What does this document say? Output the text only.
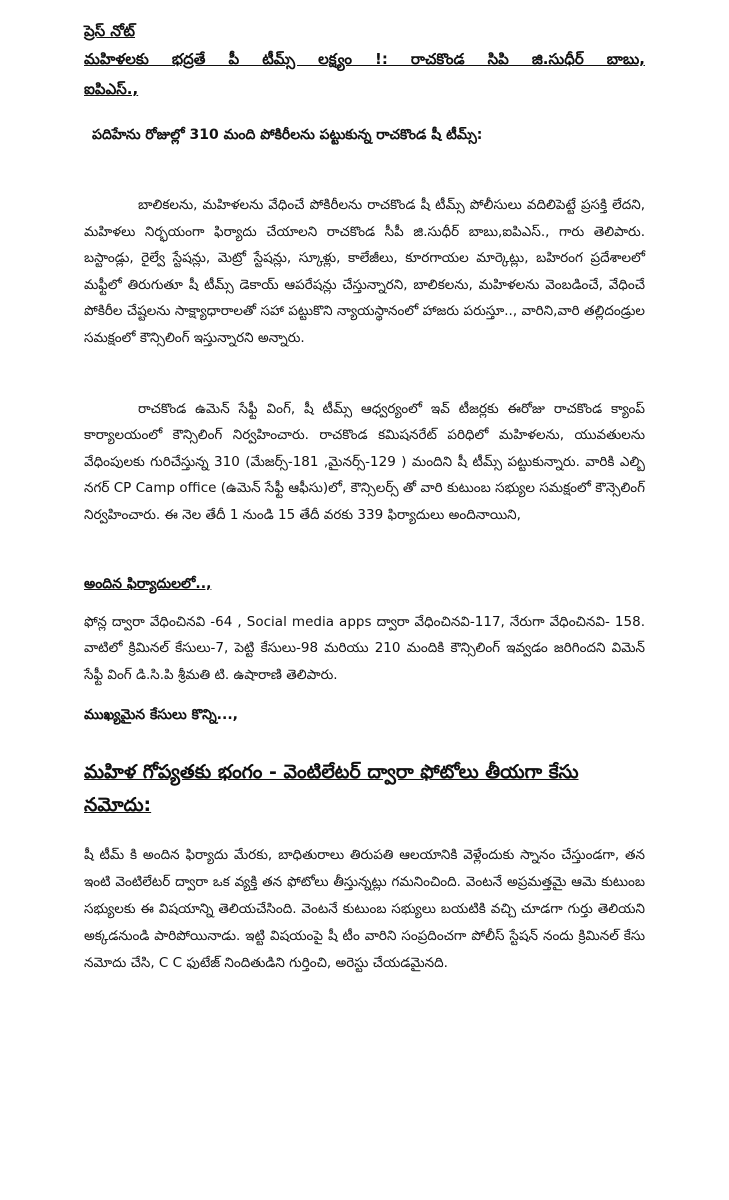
ప్రెస్ నోట్

మహిళలకు భద్రతే పీ టీమ్స్ లక్ష్యం !: రాచకొండ సిపి జి.సుధీర్ బాబు,

ఐపిఎస్.,

పదిహేను రోజుల్లో 310 మంది పోకిరీలను పట్టుకున్న రాచకొండ షీ టీమ్స్:

బాలికలను, మహిళలను వేధించే పోకిరీలను రాచకొండ షీ టీమ్స్ పోలీసులు వదిలిపెట్టే ప్రసక్తి లేదని, మహిళలు నిర్భయంగా ఫిర్యాదు చేయాలని రాచకొండ సీపీ జి.సుధీర్ బాబు,ఐపిఎస్., గారు తెలిపారు. బస్టాండ్లు, రైల్వే స్టేషన్లు, మెట్రో స్టేషన్లు, స్కూళ్లు, కాలేజీలు, కూరగాయల మార్కెట్లు, బహిరంగ ప్రదేశాలలో మఫ్టీలో తిరుగుతూ షీ టీమ్స్ డెకాయ్ ఆపరేషన్లు చేస్తున్నారని, బాలికలను, మహిళలను వెంబడించే, వేధించే పోకిరీల చేష్టలను సాక్ష్యాధారాలతో సహా పట్టుకొని న్యాయస్థానంలో హాజరు పరుస్తూ.., వారిని,వారి తల్లిదండ్రుల సమక్షంలో కౌన్సిలింగ్ ఇస్తున్నారని అన్నారు.

రాచకొండ ఉమెన్ సేఫ్టీ వింగ్, షీ టీమ్స్ ఆధ్వర్యంలో ఇవ్ టీజర్లకు ఈరోజు రాచకొండ క్యాంప్ కార్యాలయంలో కౌన్సిలింగ్ నిర్వహించారు. రాచకొండ కమిషనరేట్ పరిధిలో మహిళలను, యువతులను వేధింపులకు గురిచేస్తున్న 310 (మేజర్స్-181 ,మైనర్స్-129 ) మందిని షీ టీమ్స్ పట్టుకున్నారు. వారికి ఎల్బి నగర్ CP Camp office (ఉమెన్ సేఫ్టీ ఆఫీసు)లో, కౌన్సిలర్స్ తో వారి కుటుంబ సభ్యుల సమక్షంలో కౌన్సెలింగ్ నిర్వహించారు. ఈ నెల తేదీ 1 నుండి 15 తేదీ వరకు 339 ఫిర్యాదులు అందినాయిని,

అందిన ఫిర్యాదులలో..,

ఫోన్ల ద్వారా వేధించినవి -64 , Social media apps ద్వారా వేధించినవి-117, నేరుగా వేధించినవి- 158. వాటిలో క్రిమినల్ కేసులు-7, పెట్టి కేసులు-98 మరియు 210 మందికి కౌన్సిలింగ్ ఇవ్వడం జరిగిందని విమెన్ సేఫ్టీ వింగ్ డి.సి.పి శ్రీమతి టి. ఉషారాణి తెలిపారు.

ముఖ్యమైన కేసులు కొన్ని...,

మహిళ గోప్యతకు భంగం - వెంటిలేటర్ ద్వారా ఫోటోలు తీయగా కేసు నమోదు:

షీ టీమ్ కి అందిన ఫిర్యాదు మేరకు, బాధితురాలు తిరుపతి ఆలయానికి వెళ్లేందుకు స్నానం చేస్తుండగా, తన ఇంటి వెంటిలేటర్ ద్వారా ఒక వ్యక్తి తన ఫోటోలు తీస్తున్నట్లు గమనించింది. వెంటనే అప్రమత్తమై ఆమె కుటుంబ సభ్యులకు ఈ విషయాన్ని తెలియచేసింది. వెంటనే కుటుంబ సభ్యులు బయటికి వచ్చి చూడగా గుర్తు తెలియని అక్కడనుండి పారిపోయినాడు. ఇట్టి విషయంపై షీ టీం వారిని సంప్రదించగా పోలీస్ స్టేషన్ నందు క్రిమినల్ కేసు నమోదు చేసి, C C ఫుటేజ్ నిందితుడిని గుర్తించి, అరెస్టు చేయడమైనది.
